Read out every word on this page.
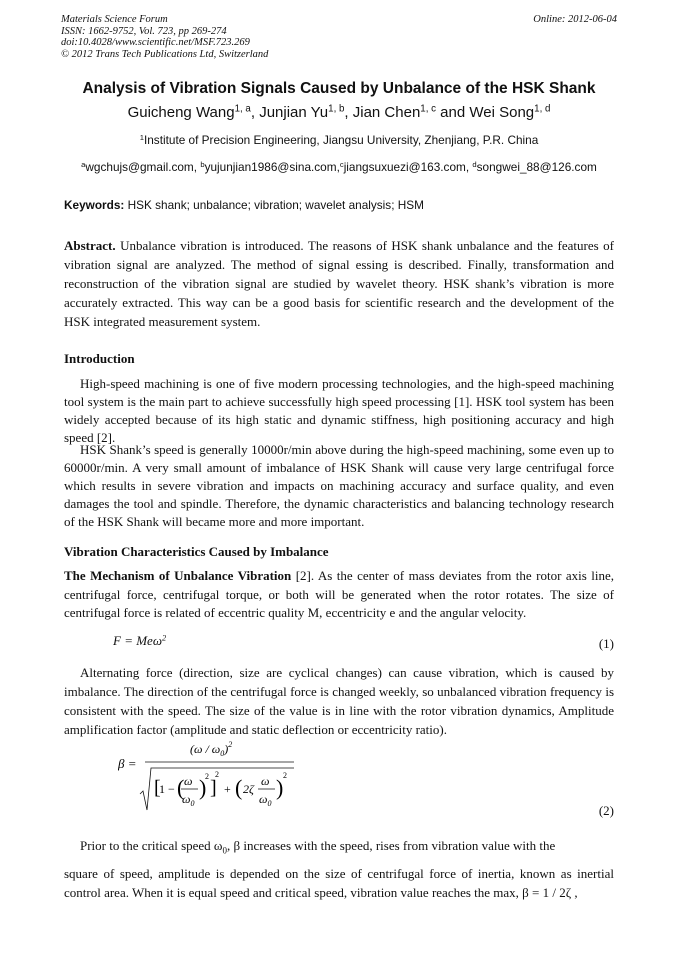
Materials Science Forum
ISSN: 1662-9752, Vol. 723, pp 269-274
doi:10.4028/www.scientific.net/MSF.723.269
© 2012 Trans Tech Publications Ltd, Switzerland
Online: 2012-06-04
Analysis of Vibration Signals Caused by Unbalance of the HSK Shank
Guicheng Wang$^{1, a}$, Junjian Yu$^{1, b}$, Jian Chen$^{1, c}$ and Wei Song$^{1, d}$
$^1$Institute of Precision Engineering, Jiangsu University, Zhenjiang, P.R. China
$^a$wgchujs@gmail.com, $^b$yujunjian1986@sina.com,$^c$jiangsuxuezi@163.com, $^d$songwei_88@126.com
Keywords: HSK shank; unbalance; vibration; wavelet analysis; HSM
Abstract. Unbalance vibration is introduced. The reasons of HSK shank unbalance and the features of vibration signal are analyzed. The method of signal essing is described. Finally, transformation and reconstruction of the vibration signal are studied by wavelet theory. HSK shank’s vibration is more accurately extracted. This way can be a good basis for scientific research and the development of the HSK integrated measurement system.
Introduction
High-speed machining is one of five modern processing technologies, and the high-speed machining tool system is the main part to achieve successfully high speed processing [1]. HSK tool system has been widely accepted because of its high static and dynamic stiffness, high positioning accuracy and high speed [2].
HSK Shank’s speed is generally 10000r/min above during the high-speed machining, some even up to 60000r/min. A very small amount of imbalance of HSK Shank will cause very large centrifugal force which results in severe vibration and impacts on machining accuracy and surface quality, and even damages the tool and spindle. Therefore, the dynamic characteristics and balancing technology research of the HSK Shank will became more and more important.
Vibration Characteristics Caused by Imbalance
The Mechanism of Unbalance Vibration [2]. As the center of mass deviates from the rotor axis line, centrifugal force, centrifugal torque, or both will be generated when the rotor rotates. The size of centrifugal force is related of eccentric quality M, eccentricity e and the angular velocity.
F = Meω$^2$	(1)
Alternating force (direction, size are cyclical changes) can cause vibration, which is caused by imbalance. The direction of the centrifugal force is changed weekly, so unbalanced vibration frequency is consistent with the speed. The size of the value is in line with the rotor vibration dynamics, Amplitude amplification factor (amplitude and static deflection or eccentricity ratio).
β =
$(\omega / \omega_0)^2$
[
1 − ( ω
$\omega_0$
)
2
]
2
+ ( 2ζ
ω
$\omega_0$
) 2
(2)
Prior to the critical speed $\omega_0$, β increases with the speed, rises from vibration value with the
square of speed, amplitude is depended on the size of centrifugal force of inertia, known as inertial control area. When it is equal speed and critical speed, vibration value reaches the max, β = 1 / 2ζ ,
